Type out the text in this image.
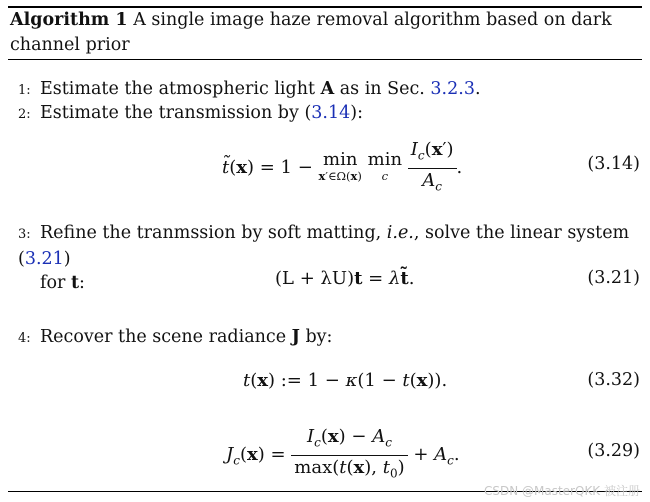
Algorithm 1 A single image haze removal algorithm based on dark channel prior
1: Estimate the atmospheric light A as in Sec. 3.2.3.
2: Estimate the transmission by (3.14):
t̃(x) = 1 − min
x′∈Ω(x)
min
c
	$\frac{I_c(x')}{A_c}$ .	(3.14)
3: Refine the tranmssion by soft matting, i.e., solve the linear system (3.21)
for t:	(L + λU)t = λt̃.	(3.21)
4: Recover the scene radiance J by:
t(x) := 1 − κ(1 − t(x)).	(3.32)
$J_c(x) = \frac{I_c(x) - A_c}{\max(t(x), t_0)} + A_c$.	(3.29)
CSDN @MasterQKK 被注册
